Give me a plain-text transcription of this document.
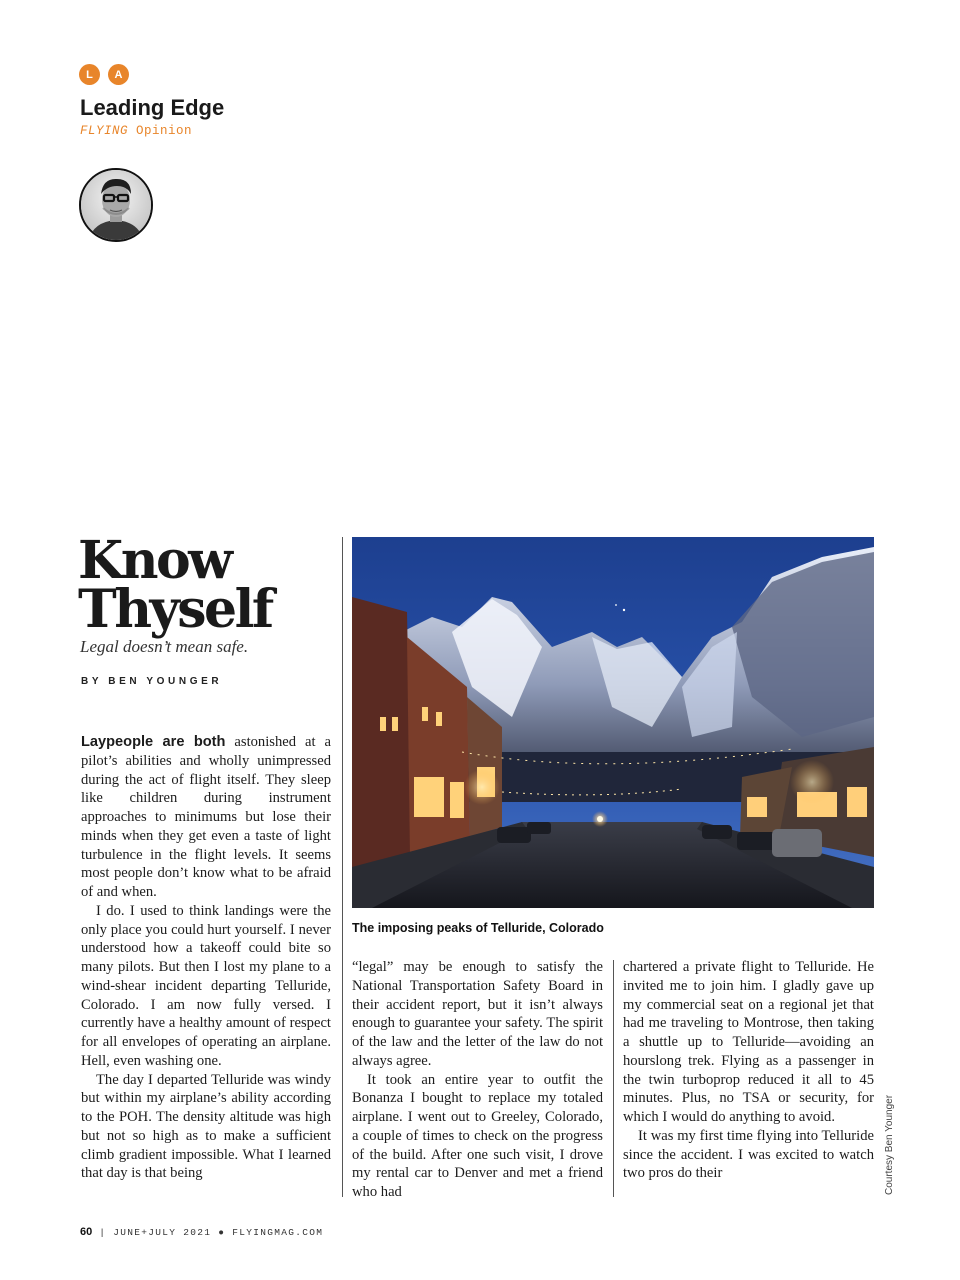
L	A
Leading Edge
FLYING Opinion
Know
Thyself
Legal doesn’t mean safe.
BY BEN YOUNGER
The imposing peaks of Telluride, Colorado
Courtesy Ben Younger

Laypeople are both astonished at a pilot’s abilities and wholly unimpressed during the act of flight itself. They sleep like children during instrument approaches to minimums but lose their minds when they get even a taste of light turbulence in the flight levels. It seems most people don’t know what to be afraid of and when.

I do. I used to think landings were the only place you could hurt yourself. I never understood how a takeoff could bite so many pilots. But then I lost my plane to a wind-shear incident departing Telluride, Colorado. I am now fully versed. I currently have a healthy amount of respect for all envelopes of operating an airplane. Hell, even washing one.

The day I departed Telluride was windy but within my airplane’s ability according to the POH. The density altitude was high but not so high as to make a sufficient climb gradient impossible. What I learned that day is that being

“legal” may be enough to satisfy the National Transportation Safety Board in their accident report, but it isn’t always enough to guarantee your safety. The spirit of the law and the letter of the law do not always agree.

It took an entire year to outfit the Bonanza I bought to replace my totaled airplane. I went out to Greeley, Colorado, a couple of times to check on the progress of the build. After one such visit, I drove my rental car to Denver and met a friend who had

chartered a private flight to Telluride. He invited me to join him. I gladly gave up my commercial seat on a regional jet that had me traveling to Montrose, then taking a shuttle up to Telluride—avoiding an hourslong trek. Flying as a passenger in the twin turboprop reduced it all to 45 minutes. Plus, no TSA or security, for which I would do anything to avoid.

It was my first time flying into Telluride since the accident. I was excited to watch two pros do their

60 | JUNE+JULY 2021 ● FLYINGMAG.COM
